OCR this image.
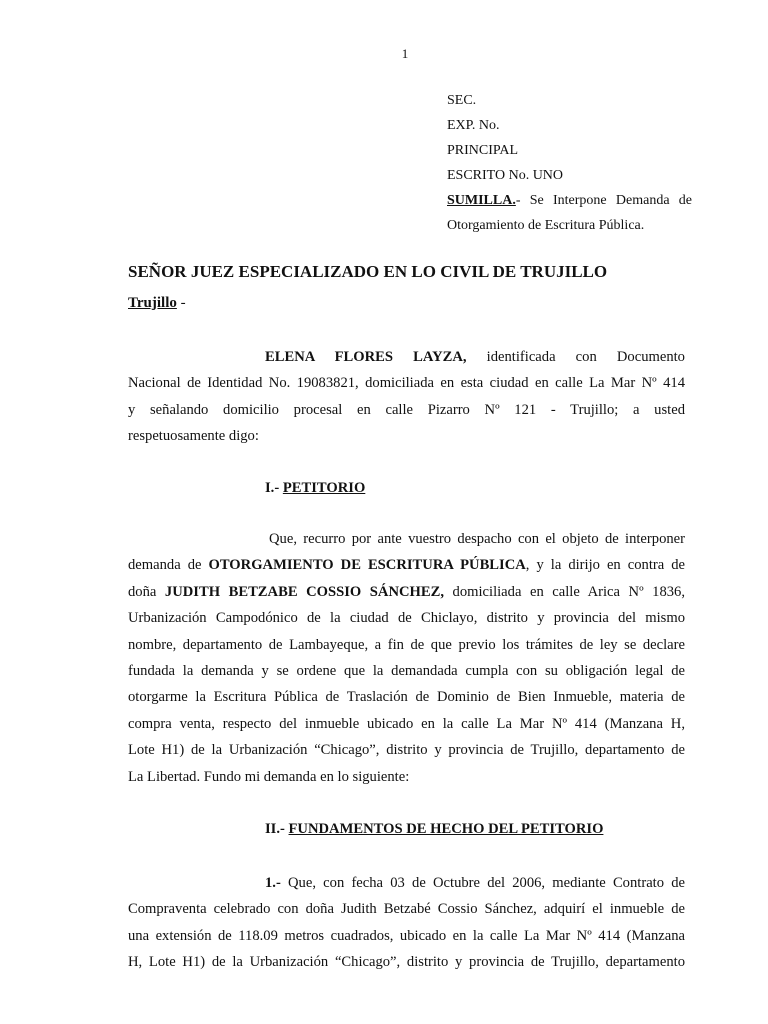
1
SEC.
EXP. No.
PRINCIPAL
ESCRITO No. UNO
SUMILLA.- Se Interpone Demanda de
Otorgamiento de Escritura Pública.
SEÑOR JUEZ ESPECIALIZADO EN LO CIVIL DE TRUJILLO
Trujillo -
ELENA FLORES LAYZA, identificada con Documento
Nacional de Identidad No. 19083821, domiciliada en esta ciudad en calle La Mar Nº 414
y señalando domicilio procesal en calle Pizarro Nº 121 - Trujillo; a usted
respetuosamente digo:
I.- PETITORIO
Que, recurro por ante vuestro despacho con el objeto de interponer
demanda de OTORGAMIENTO DE ESCRITURA PÚBLICA, y la dirijo en contra de
doña JUDITH BETZABE COSSIO SÁNCHEZ, domiciliada en calle Arica Nº 1836,
Urbanización Campodónico de la ciudad de Chiclayo, distrito y provincia del mismo
nombre, departamento de Lambayeque, a fin de que previo los trámites de ley se declare
fundada la demanda y se ordene que la demandada cumpla con su obligación legal de
otorgarme la Escritura Pública de Traslación de Dominio de Bien Inmueble, materia de
compra venta, respecto del inmueble ubicado en la calle La Mar Nº 414 (Manzana H,
Lote H1) de la Urbanización “Chicago”, distrito y provincia de Trujillo, departamento de
La Libertad. Fundo mi demanda en lo siguiente:
II.- FUNDAMENTOS DE HECHO DEL PETITORIO
1.- Que, con fecha 03 de Octubre del 2006, mediante Contrato de
Compraventa celebrado con doña Judith Betzabé Cossio Sánchez, adquirí el inmueble de
una extensión de 118.09 metros cuadrados, ubicado en la calle La Mar Nº 414 (Manzana
H, Lote H1) de la Urbanización “Chicago”, distrito y provincia de Trujillo, departamento
